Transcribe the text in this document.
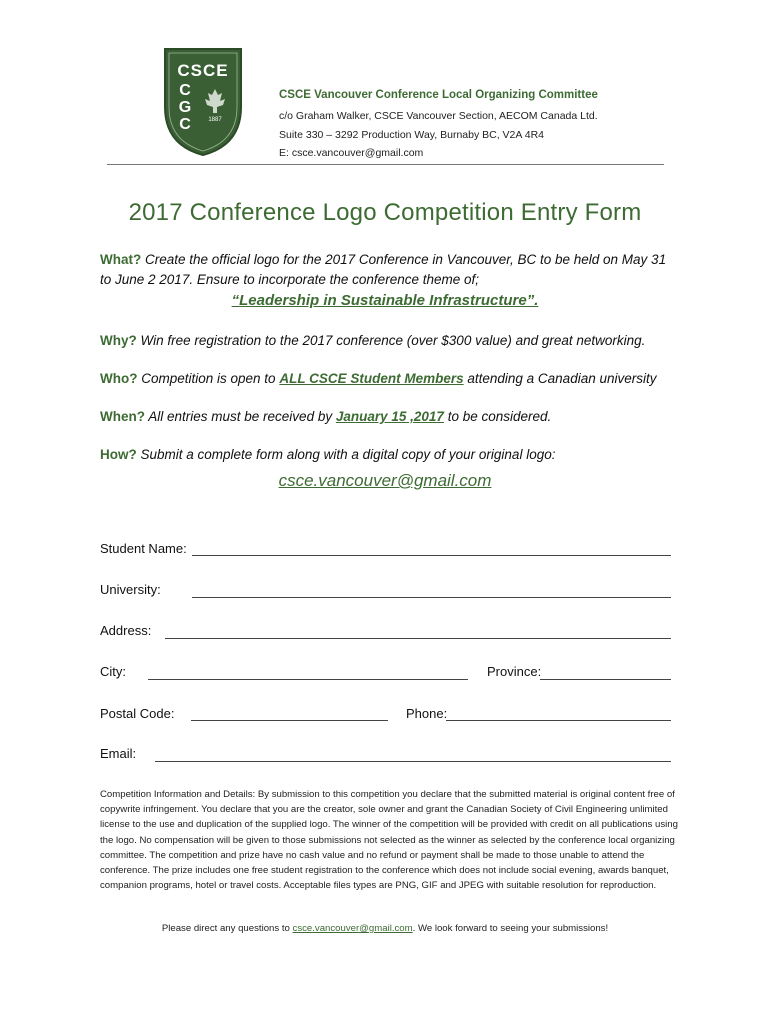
CSCE
C
G
C	1887
CSCE Vancouver Conference Local Organizing Committee
c/o Graham Walker, CSCE Vancouver Section, AECOM Canada Ltd.
Suite 330 – 3292 Production Way, Burnaby BC, V2A 4R4
E: csce.vancouver@gmail.com
2017 Conference Logo Competition Entry Form
What? Create the official logo for the 2017 Conference in Vancouver, BC to be held on May 31 to June 2 2017. Ensure to incorporate the conference theme of;
“Leadership in Sustainable Infrastructure”.
Why? Win free registration to the 2017 conference (over $300 value) and great networking.
Who? Competition is open to ALL CSCE Student Members attending a Canadian university
When? All entries must be received by January 15 ,2017 to be considered.
How? Submit a complete form along with a digital copy of your original logo:
csce.vancouver@gmail.com
Student Name:
University:
Address:
City:	Province:
Postal Code:	Phone:
Email:
Competition Information and Details: By submission to this competition you declare that the submitted material is original content free of copywrite infringement. You declare that you are the creator, sole owner and grant the Canadian Society of Civil Engineering unlimited license to the use and duplication of the supplied logo. The winner of the competition will be provided with credit on all publications using the logo. No compensation will be given to those submissions not selected as the winner as selected by the conference local organizing committee. The competition and prize have no cash value and no refund or payment shall be made to those unable to attend the conference. The prize includes one free student registration to the conference which does not include social evening, awards banquet, companion programs, hotel or travel costs. Acceptable files types are PNG, GIF and JPEG with suitable resolution for reproduction.
Please direct any questions to csce.vancouver@gmail.com. We look forward to seeing your submissions!
